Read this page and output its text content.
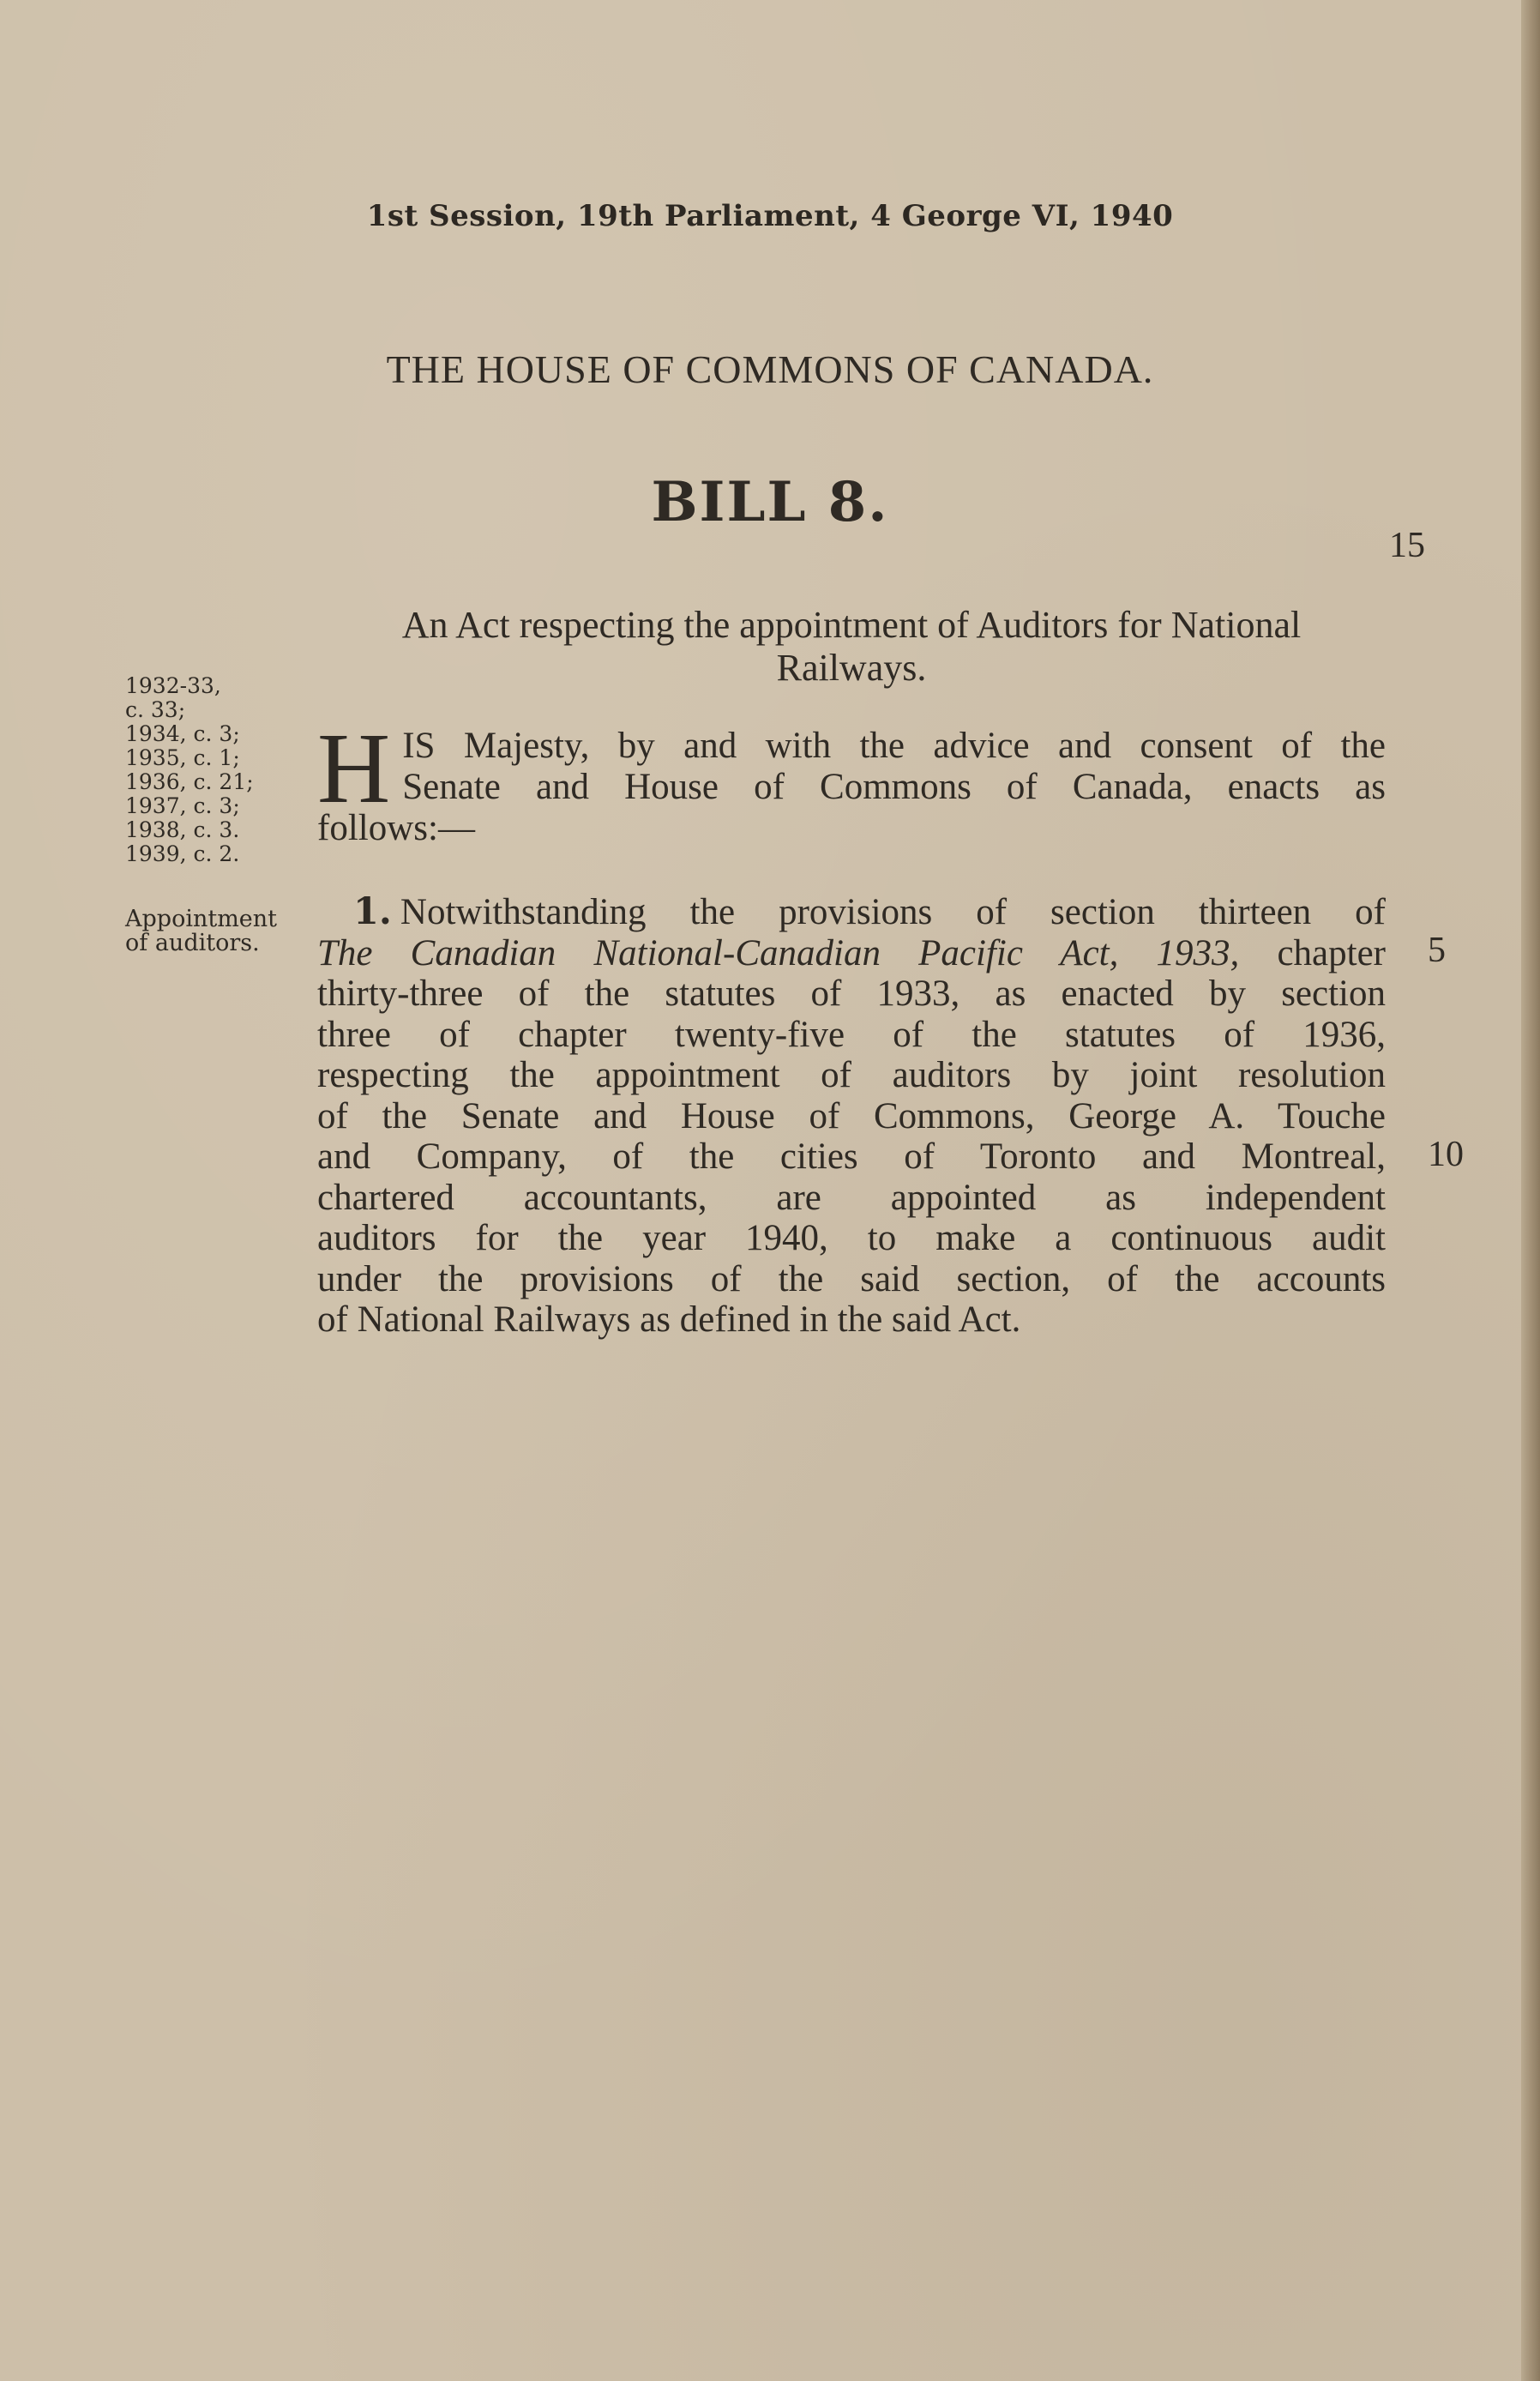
1st Session, 19th Parliament, 4 George VI, 1940

THE HOUSE OF COMMONS OF CANADA.

BILL 8.

15

An Act respecting the appointment of Auditors for National
Railways.
1932-33,
c. 33;
1934, c. 3;
1935, c. 1;
1936, c. 21;
1937, c. 3;
1938, c. 3.
1939, c. 2.
Appointment
of auditors.
H IS Majesty, by and with the advice and consent of the
Senate and House of Commons of Canada, enacts as
follows:—
1. Notwithstanding the provisions of section thirteen of
The Canadian National-Canadian Pacific Act, 1933, chapter
thirty-three of the statutes of 1933, as enacted by section
three of chapter twenty-five of the statutes of 1936,
respecting the appointment of auditors by joint resolution
of the Senate and House of Commons, George A. Touche
and Company, of the cities of Toronto and Montreal,
chartered accountants, are appointed as independent
auditors for the year 1940, to make a continuous audit
under the provisions of the said section, of the accounts
of National Railways as defined in the said Act.

5

10
